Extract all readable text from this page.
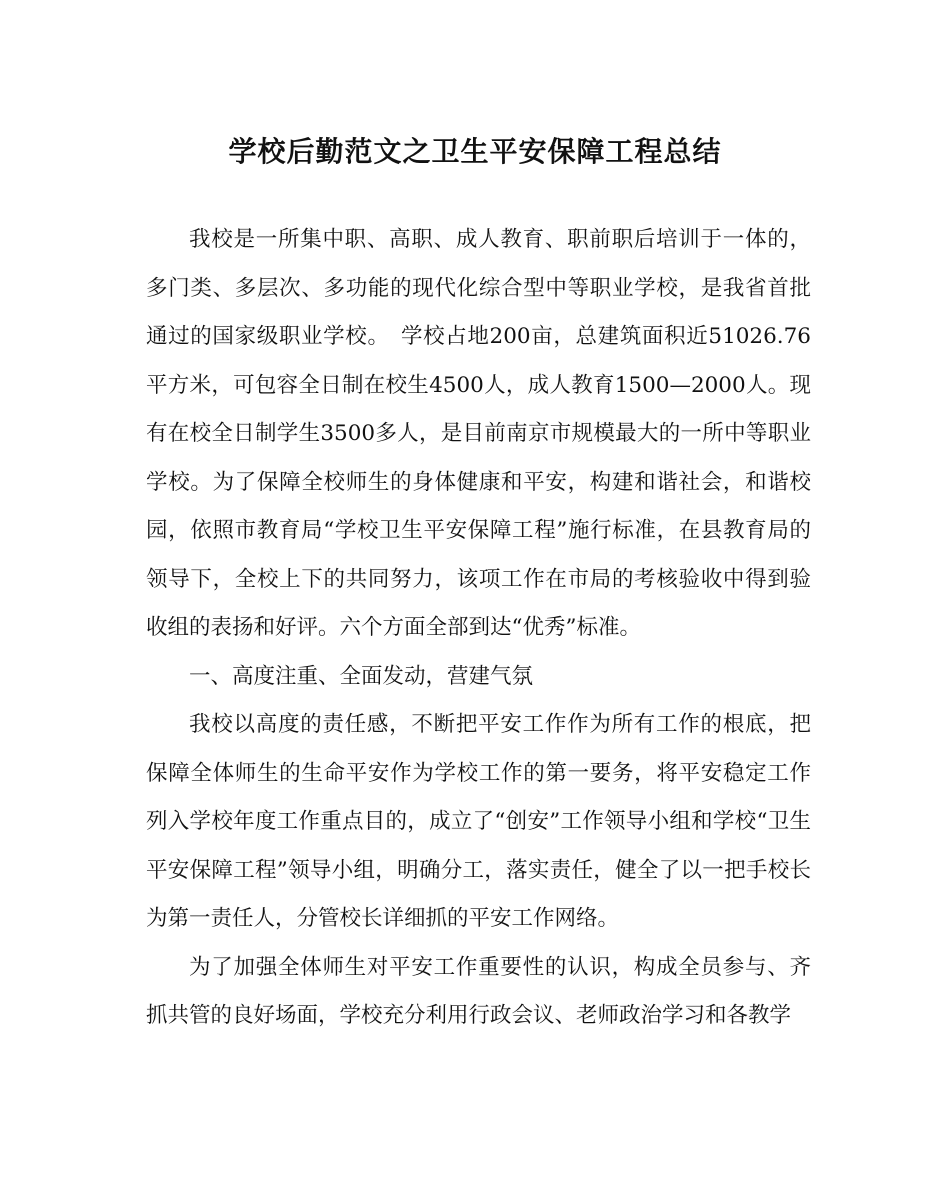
学校后勤范文之卫生平安保障工程总结

我校是一所集中职、高职、成人教育、职前职后培训于一体的，多门类、多层次、多功能的现代化综合型中等职业学校，是我省首批通过的国家级职业学校。　学校占地200亩，总建筑面积近51026.76平方米，可包容全日制在校生4500人，成人教育1500—2000人。现有在校全日制学生3500多人，是目前南京市规模最大的一所中等职业学校。为了保障全校师生的身体健康和平安，构建和谐社会，和谐校园，依照市教育局“学校卫生平安保障工程”施行标准，在县教育局的领导下，全校上下的共同努力，该项工作在市局的考核验收中得到验收组的表扬和好评。六个方面全部到达“优秀”标准。

一、高度注重、全面发动，营建气氛

我校以高度的责任感，不断把平安工作作为所有工作的根底，把保障全体师生的生命平安作为学校工作的第一要务，将平安稳定工作列入学校年度工作重点目的，成立了“创安”工作领导小组和学校“卫生平安保障工程”领导小组，明确分工，落实责任，健全了以一把手校长为第一责任人，分管校长详细抓的平安工作网络。

为了加强全体师生对平安工作重要性的认识，构成全员参与、齐抓共管的良好场面，学校充分利用行政会议、老师政治学习和各教学
